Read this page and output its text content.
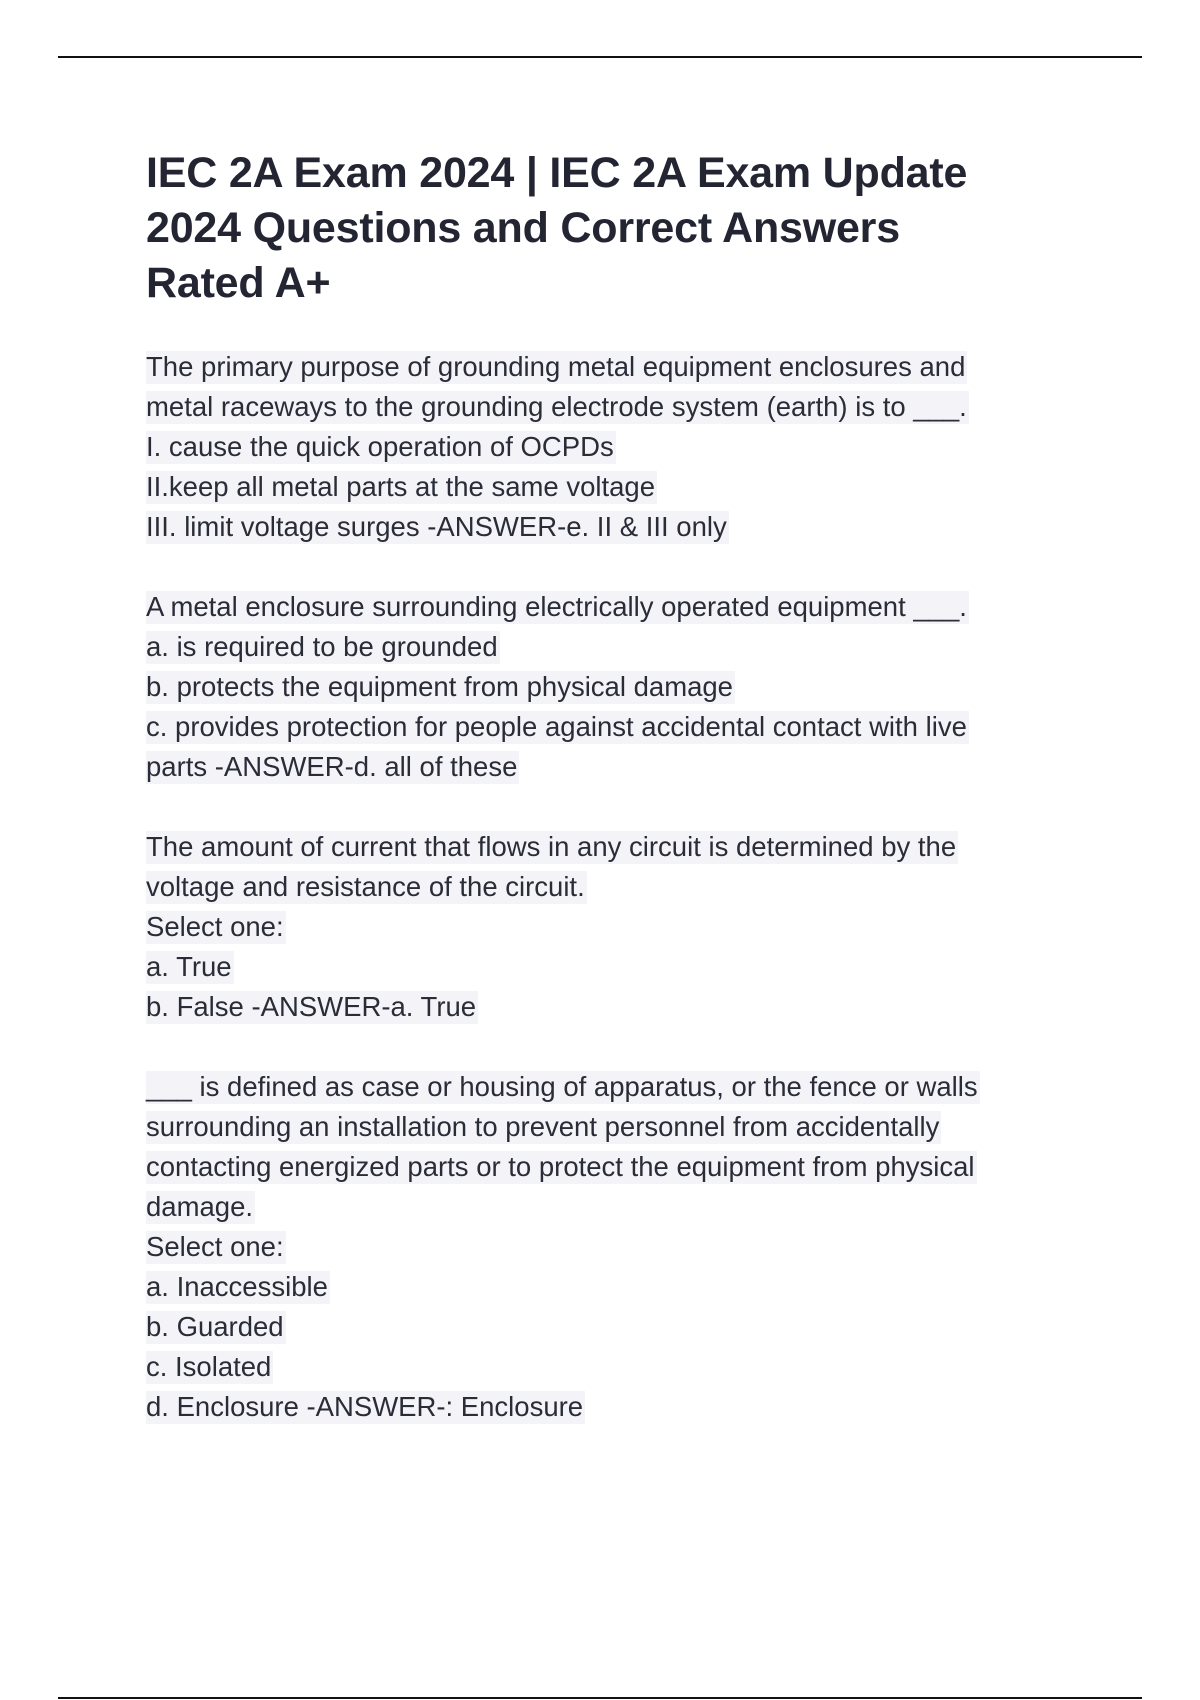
IEC 2A Exam 2024 | IEC 2A Exam Update
2024 Questions and Correct Answers
Rated A+
The primary purpose of grounding metal equipment enclosures and
metal raceways to the grounding electrode system (earth) is to ___.
I. cause the quick operation of OCPDs
II.keep all metal parts at the same voltage
III. limit voltage surges -ANSWER-e. II & III only
A metal enclosure surrounding electrically operated equipment ___.
a. is required to be grounded
b. protects the equipment from physical damage
c. provides protection for people against accidental contact with live
parts -ANSWER-d. all of these
The amount of current that flows in any circuit is determined by the
voltage and resistance of the circuit.
Select one:
a. True
b. False -ANSWER-a. True
___ is defined as case or housing of apparatus, or the fence or walls
surrounding an installation to prevent personnel from accidentally
contacting energized parts or to protect the equipment from physical
damage.
Select one:
a. Inaccessible
b. Guarded
c. Isolated
d. Enclosure -ANSWER-: Enclosure
